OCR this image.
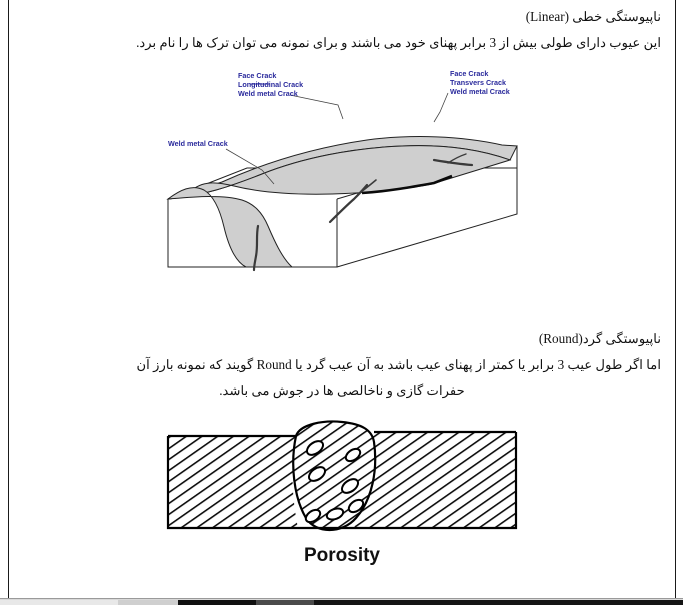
ناپیوستگی خطی (Linear)
این عیوب دارای طولی بیش از 3 برابر پهنای خود می باشند و برای نمونه می توان ترک ها را نام برد.
Face Crack
Longitudinal Crack
Weld metal Crack
Face Crack
Transvers Crack
Weld metal Crack
Weld metal Crack
ناپیوستگی گرد(Round)
اما اگر طول عیب 3 برابر یا کمتر از پهنای عیب باشد به آن عیب گرد یا Round گویند که نمونه بارز آن
حفرات گازی و ناخالصی ها در جوش می باشد.
Porosity
